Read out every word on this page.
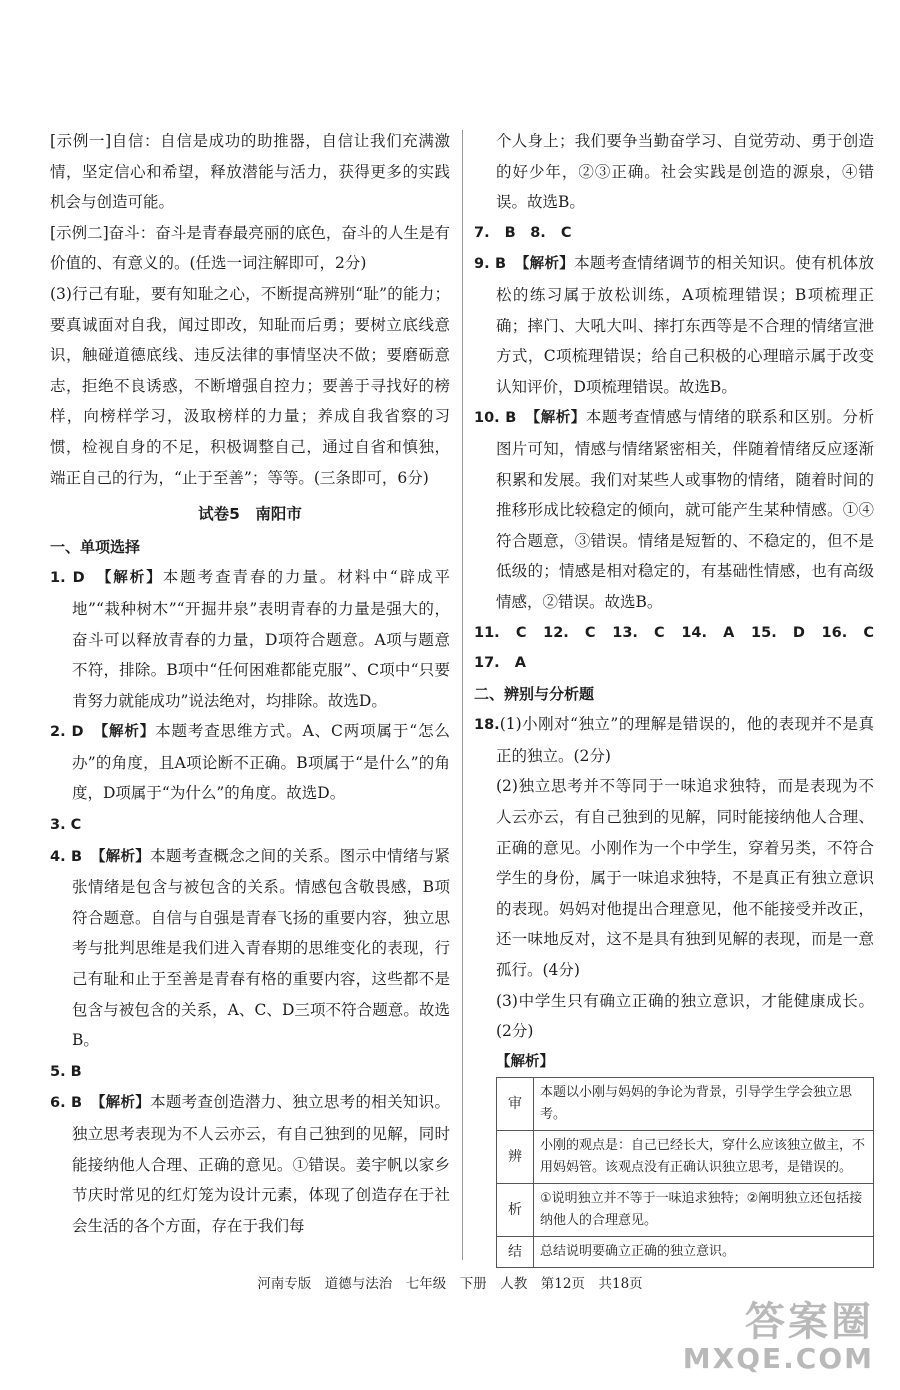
[示例一]自信：自信是成功的助推器，自信让我们充满激情，坚定信心和希望，释放潜能与活力，获得更多的实践机会与创造可能。

[示例二]奋斗：奋斗是青春最亮丽的底色，奋斗的人生是有价值的、有意义的。(任选一词注解即可，2分)

(3)行己有耻，要有知耻之心，不断提高辨别“耻”的能力；要真诚面对自我，闻过即改，知耻而后勇；要树立底线意识，触碰道德底线、违反法律的事情坚决不做；要磨砺意志，拒绝不良诱惑，不断增强自控力；要善于寻找好的榜样，向榜样学习，汲取榜样的力量；养成自我省察的习惯，检视自身的不足，积极调整自己，通过自省和慎独，端正自己的行为，“止于至善”；等等。(三条即可，6分)

试卷5　南阳市

一、单项选择

1. D　 【解析】本题考查青春的力量。材料中“辟成平地”“栽种树木”“开掘井泉”表明青春的力量是强大的，奋斗可以释放青春的力量，D项符合题意。A项与题意不符，排除。B项中“任何困难都能克服”、C项中“只要肯努力就能成功”说法绝对，均排除。故选D。

2. D　 【解析】本题考查思维方式。A、C两项属于“怎么办”的角度，且A项论断不正确。B项属于“是什么”的角度，D项属于“为什么”的角度。故选D。

3. C

4. B　 【解析】本题考查概念之间的关系。图示中情绪与紧张情绪是包含与被包含的关系。情感包含敬畏感，B项符合题意。自信与自强是青春飞扬的重要内容，独立思考与批判思维是我们进入青春期的思维变化的表现，行己有耻和止于至善是青春有格的重要内容，这些都不是包含与被包含的关系，A、C、D三项不符合题意。故选B。

5. B

6. B　 【解析】本题考查创造潜力、独立思考的相关知识。独立思考表现为不人云亦云，有自己独到的见解，同时能接纳他人合理、正确的意见。①错误。姜宇帆以家乡节庆时常见的红灯笼为设计元素，体现了创造存在于社会生活的各个方面，存在于我们每

个人身上；我们要争当勤奋学习、自觉劳动、勇于创造的好少年，②③正确。社会实践是创造的源泉，④错误。故选B。

7. B　8. C

9. B　 【解析】本题考查情绪调节的相关知识。使有机体放松的练习属于放松训练，A项梳理错误；B项梳理正确；摔门、大吼大叫、摔打东西等是不合理的情绪宣泄方式，C项梳理错误；给自己积极的心理暗示属于改变认知评价，D项梳理错误。故选B。

10. B　 【解析】本题考查情感与情绪的联系和区别。分析图片可知，情感与情绪紧密相关，伴随着情绪反应逐渐积累和发展。我们对某些人或事物的情绪，随着时间的推移形成比较稳定的倾向，就可能产生某种情感。①④符合题意，③错误。情绪是短暂的、不稳定的，但不是低级的；情感是相对稳定的，有基础性情感，也有高级情感，②错误。故选B。

11. C　12. C　13. C　14. A　15. D　16. C　17. A

二、辨别与分析题

18.(1)小刚对“独立”的理解是错误的，他的表现并不是真正的独立。(2分)

(2)独立思考并不等同于一味追求独特，而是表现为不人云亦云，有自己独到的见解，同时能接纳他人合理、正确的意见。小刚作为一个中学生，穿着另类，不符合学生的身份，属于一味追求独特，不是真正有独立意识的表现。妈妈对他提出合理意见，他不能接受并改正，还一味地反对，这不是具有独到见解的表现，而是一意孤行。(4分)

(3)中学生只有确立正确的独立意识，才能健康成长。(2分)

【解析】

审	本题以小刚与妈妈的争论为背景，引导学生学会独立思考。
辨	小刚的观点是：自己已经长大，穿什么应该独立做主，不用妈妈管。该观点没有正确认识独立思考，是错误的。
析	①说明独立并不等于一味追求独特；②阐明独立还包括接纳他人的合理意见。
结	总结说明要确立正确的独立意识。
河南专版　道德与法治　七年级　下册　人教　第12页　共18页
答案圈
MXQE.COM
